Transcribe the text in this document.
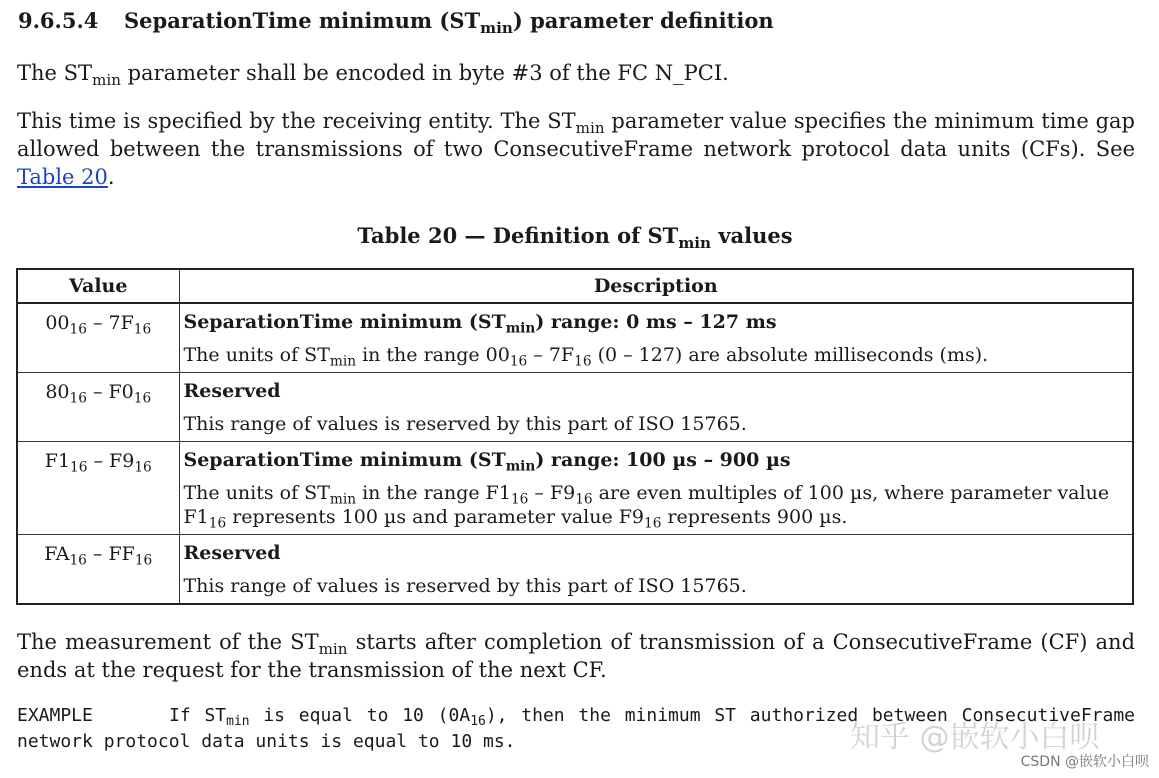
9.6.5.4 SeparationTime minimum $(ST_{min})$ parameter definition
The $ST_{min}$ parameter shall be encoded in byte #3 of the FC N_PCI.
This time is specified by the receiving entity. The $ST_{min}$ parameter value specifies the minimum time gap allowed between the transmissions of two ConsecutiveFrame network protocol data units (CFs). See Table 20.
Table 20 — Definition of $ST_{min}$ values
Value	Description
$00_{16} - 7F_{16}$	SeparationTime minimum $(ST_{min})$ range: 0 ms – 127 ms
The units of $ST_{min}$ in the range $00_{16} - 7F_{16}$ (0 – 127) are absolute milliseconds (ms).

$80_{16} - F0_{16}$	Reserved
This range of values is reserved by this part of ISO 15765.

$F1_{16} - F9_{16}$	SeparationTime minimum $(ST_{min})$ range: 100 µs – 900 µs
The units of $ST_{min}$ in the range $F1_{16} - F9_{16}$ are even multiples of 100 µs, where parameter value $F1_{16}$ represents 100 µs and parameter value $F9_{16}$ represents 900 µs.

$FA_{16} - FF_{16}$	Reserved
This range of values is reserved by this part of ISO 15765.
The measurement of the $ST_{min}$ starts after completion of transmission of a ConsecutiveFrame (CF) and ends at the request for the transmission of the next CF.
EXAMPLE	If $ST_{min}$ is equal to 10 $(0A_{16})$, then the minimum ST authorized between ConsecutiveFrame network protocol data units is equal to 10 ms.	知乎 @嵌软小白呗
CSDN @嵌软小白呗
